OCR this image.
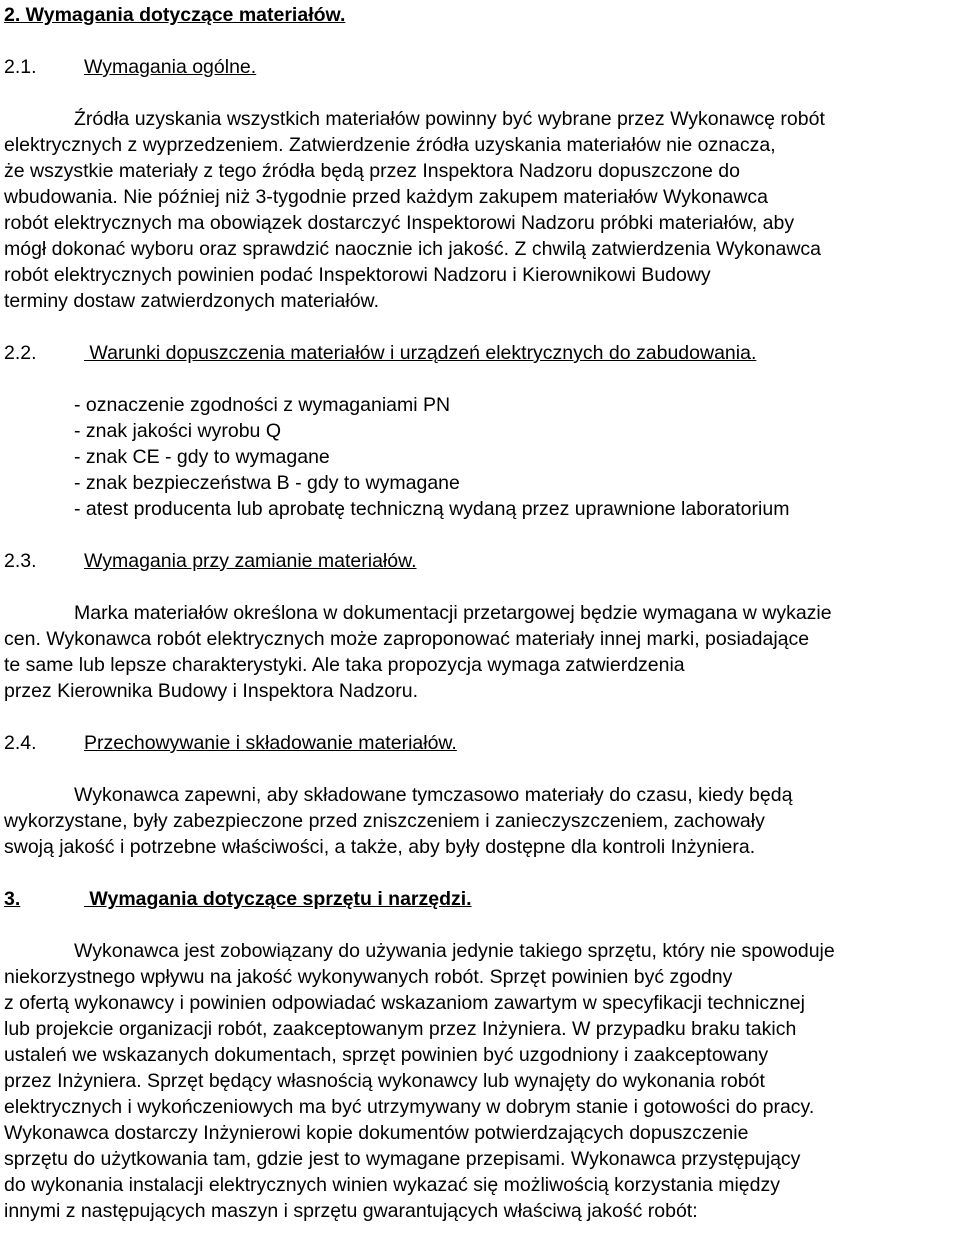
2. Wymagania dotyczące materiałów.
2.1. Wymagania ogólne.
Źródła uzyskania wszystkich materiałów powinny być wybrane przez Wykonawcę robót
elektrycznych z wyprzedzeniem. Zatwierdzenie źródła uzyskania materiałów nie oznacza,
że wszystkie materiały z tego źródła będą przez Inspektora Nadzoru dopuszczone do
wbudowania. Nie później niż 3-tygodnie przed każdym zakupem materiałów Wykonawca
robót elektrycznych ma obowiązek dostarczyć Inspektorowi Nadzoru próbki materiałów, aby
mógł dokonać wyboru oraz sprawdzić naocznie ich jakość. Z chwilą zatwierdzenia Wykonawca
robót elektrycznych powinien podać Inspektorowi Nadzoru i Kierownikowi Budowy
terminy dostaw zatwierdzonych materiałów.
2.2. Warunki dopuszczenia materiałów i urządzeń elektrycznych do zabudowania.
- oznaczenie zgodności z wymaganiami PN
- znak jakości wyrobu Q
- znak CE - gdy to wymagane
- znak bezpieczeństwa B - gdy to wymagane
- atest producenta lub aprobatę techniczną wydaną przez uprawnione laboratorium
2.3. Wymagania przy zamianie materiałów.
Marka materiałów określona w dokumentacji przetargowej będzie wymagana w wykazie
cen. Wykonawca robót elektrycznych może zaproponować materiały innej marki, posiadające
te same lub lepsze charakterystyki. Ale taka propozycja wymaga zatwierdzenia
przez Kierownika Budowy i Inspektora Nadzoru.
2.4. Przechowywanie i składowanie materiałów.
Wykonawca zapewni, aby składowane tymczasowo materiały do czasu, kiedy będą
wykorzystane, były zabezpieczone przed zniszczeniem i zanieczyszczeniem, zachowały
swoją jakość i potrzebne właściwości, a także, aby były dostępne dla kontroli Inżyniera.
3.	Wymagania dotyczące sprzętu i narzędzi.
Wykonawca jest zobowiązany do używania jedynie takiego sprzętu, który nie spowoduje
niekorzystnego wpływu na jakość wykonywanych robót. Sprzęt powinien być zgodny
z ofertą wykonawcy i powinien odpowiadać wskazaniom zawartym w specyfikacji technicznej
lub projekcie organizacji robót, zaakceptowanym przez Inżyniera. W przypadku braku takich
ustaleń we wskazanych dokumentach, sprzęt powinien być uzgodniony i zaakceptowany
przez Inżyniera. Sprzęt będący własnością wykonawcy lub wynajęty do wykonania robót
elektrycznych i wykończeniowych ma być utrzymywany w dobrym stanie i gotowości do pracy.
Wykonawca dostarczy Inżynierowi kopie dokumentów potwierdzających dopuszczenie
sprzętu do użytkowania tam, gdzie jest to wymagane przepisami. Wykonawca przystępujący
do wykonania instalacji elektrycznych winien wykazać się możliwością korzystania między
innymi z następujących maszyn i sprzętu gwarantujących właściwą jakość robót:
